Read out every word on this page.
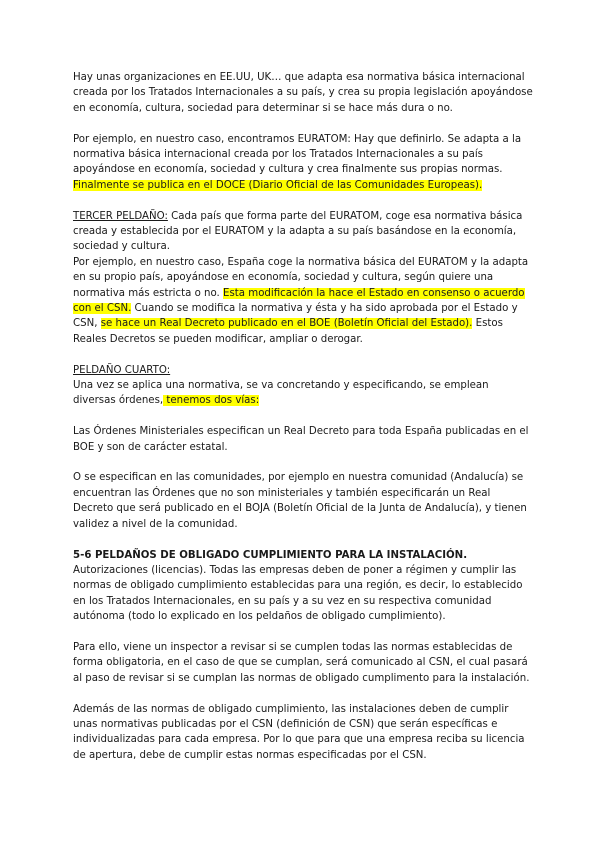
Hay unas organizaciones en EE.UU, UK… que adapta esa normativa básica internacional creada por los Tratados Internacionales a su país, y crea su propia legislación apoyándose en economía, cultura, sociedad para determinar si se hace más dura o no.

Por ejemplo, en nuestro caso, encontramos EURATOM: Hay que definirlo. Se adapta a la normativa básica internacional creada por los Tratados Internacionales a su país apoyándose en economía, sociedad y cultura y crea finalmente sus propias normas. Finalmente se publica en el DOCE (Diario Oficial de las Comunidades Europeas).

TERCER PELDAÑO: Cada país que forma parte del EURATOM, coge esa normativa básica creada y establecida por el EURATOM y la adapta a su país basándose en la economía, sociedad y cultura.
Por ejemplo, en nuestro caso, España coge la normativa básica del EURATOM y la adapta en su propio país, apoyándose en economía, sociedad y cultura, según quiere una normativa más estricta o no. Esta modificación la hace el Estado en consenso o acuerdo con el CSN. Cuando se modifica la normativa y ésta y ha sido aprobada por el Estado y CSN, se hace un Real Decreto publicado en el BOE (Boletín Oficial del Estado). Estos Reales Decretos se pueden modificar, ampliar o derogar.

PELDAÑO CUARTO:
Una vez se aplica una normativa, se va concretando y especificando, se emplean diversas órdenes, tenemos dos vías:

Las Órdenes Ministeriales especifican un Real Decreto para toda España publicadas en el BOE y son de carácter estatal.

O se especifican en las comunidades, por ejemplo en nuestra comunidad (Andalucía) se encuentran las Órdenes que no son ministeriales y también especificarán un Real Decreto que será publicado en el BOJA (Boletín Oficial de la Junta de Andalucía), y tienen validez a nivel de la comunidad.

5-6 PELDAÑOS DE OBLIGADO CUMPLIMIENTO PARA LA INSTALACIÓN.
Autorizaciones (licencias). Todas las empresas deben de poner a régimen y cumplir las normas de obligado cumplimiento establecidas para una región, es decir, lo establecido en los Tratados Internacionales, en su país y a su vez en su respectiva comunidad autónoma (todo lo explicado en los peldaños de obligado cumplimiento).

Para ello, viene un inspector a revisar si se cumplen todas las normas establecidas de forma obligatoria, en el caso de que se cumplan, será comunicado al CSN, el cual pasará al paso de revisar si se cumplan las normas de obligado cumplimento para la instalación.

Además de las normas de obligado cumplimiento, las instalaciones deben de cumplir unas normativas publicadas por el CSN (definición de CSN) que serán específicas e individualizadas para cada empresa. Por lo que para que una empresa reciba su licencia de apertura, debe de cumplir estas normas especificadas por el CSN.
